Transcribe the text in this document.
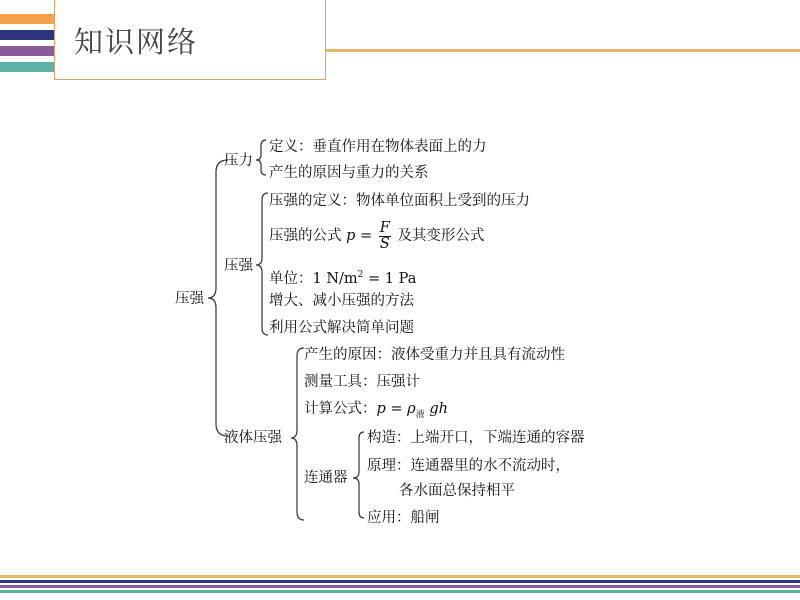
知识网络
压强
压力
定义：垂直作用在物体表面上的力
产生的原因与重力的关系
压强
压强的定义：物体单位面积上受到的压力
压强的公式 $p = \frac{F}{S}$ 及其变形公式
单位：1 $N/m^2 = 1$ Pa
增大、减小压强的方法
利用公式解决简单问题
液体压强
产生的原因：液体受重力并且具有流动性
测量工具：压强计
计算公式：$p = \rho_液$ gh
连通器
构造：上端开口，下端连通的容器
原理：连通器里的水不流动时，
各水面总保持相平
应用：船闸
